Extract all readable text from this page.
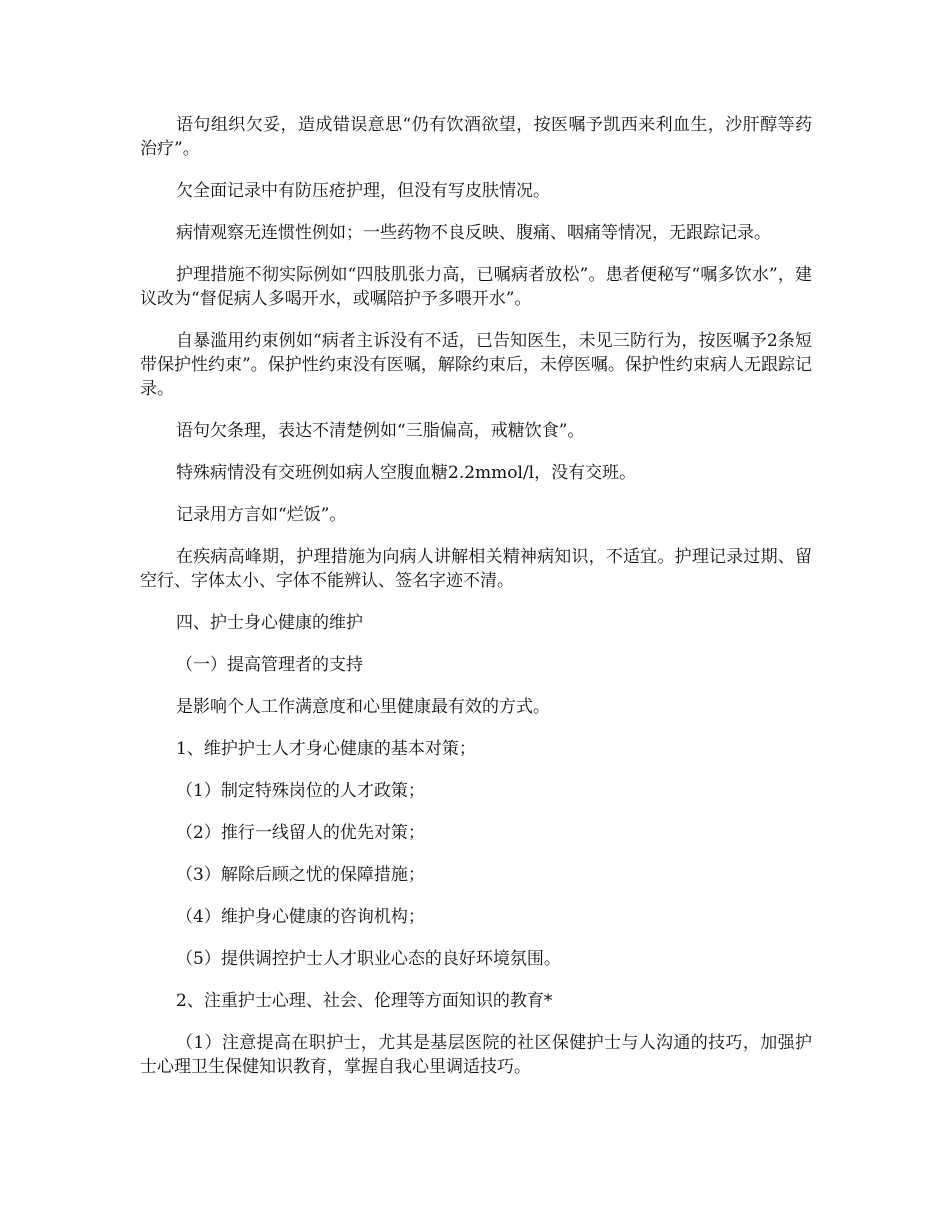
语句组织欠妥，造成错误意思“仍有饮酒欲望，按医嘱予凯西来利血生，沙肝醇等药治疗”。

欠全面记录中有防压疮护理，但没有写皮肤情况。

病情观察无连惯性例如；一些药物不良反映、腹痛、咽痛等情况，无跟踪记录。

护理措施不彻实际例如“四肢肌张力高，已嘱病者放松”。患者便秘写“嘱多饮水”，建议改为“督促病人多喝开水，或嘱陪护予多喂开水”。

自暴滥用约束例如“病者主诉没有不适，已告知医生，未见三防行为，按医嘱予2条短带保护性约束”。保护性约束没有医嘱，解除约束后，未停医嘱。保护性约束病人无跟踪记录。

语句欠条理，表达不清楚例如“三脂偏高，戒糖饮食”。

特殊病情没有交班例如病人空腹血糖2.2mmol/l，没有交班。

记录用方言如“烂饭”。

在疾病高峰期，护理措施为向病人讲解相关精神病知识，不适宜。护理记录过期、留空行、字体太小、字体不能辨认、签名字迹不清。

四、护士身心健康的维护

（一）提高管理者的支持

是影响个人工作满意度和心里健康最有效的方式。

1、维护护士人才身心健康的基本对策；

（1）制定特殊岗位的人才政策；

（2）推行一线留人的优先对策；

（3）解除后顾之忧的保障措施；

（4）维护身心健康的咨询机构；

（5）提供调控护士人才职业心态的良好环境氛围。

2、注重护士心理、社会、伦理等方面知识的教育*

（1）注意提高在职护士，尤其是基层医院的社区保健护士与人沟通的技巧，加强护士心理卫生保健知识教育，掌握自我心里调适技巧。
